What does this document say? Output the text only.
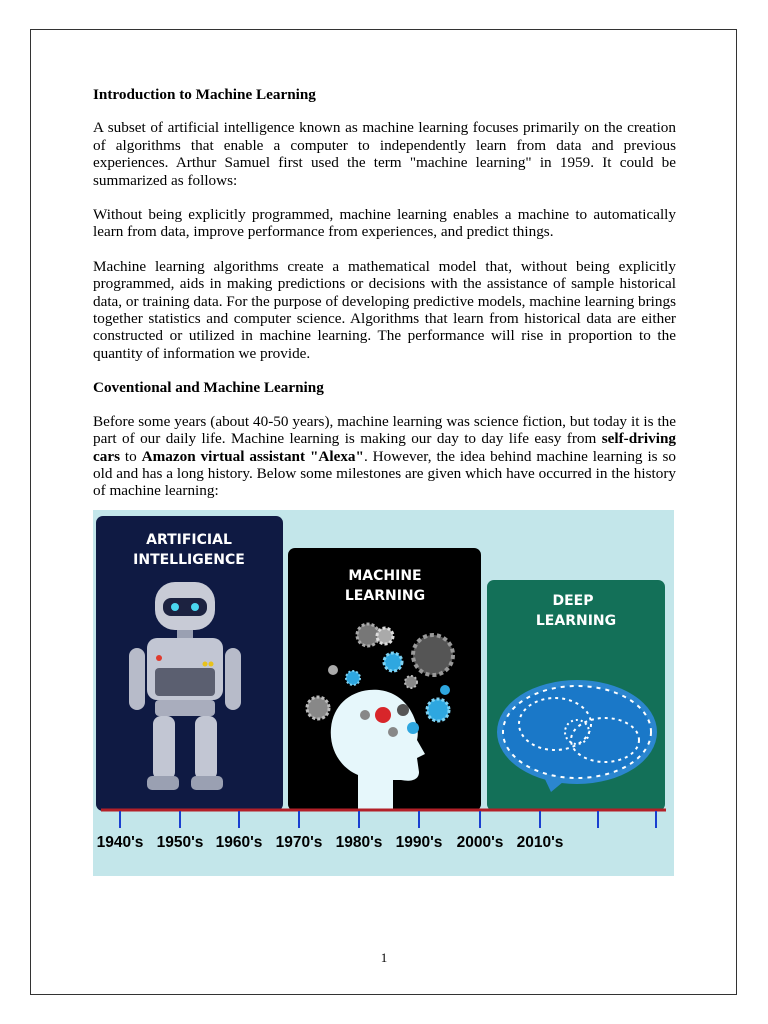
Introduction to Machine Learning

A subset of artificial intelligence known as machine learning focuses primarily on the creation of algorithms that enable a computer to independently learn from data and previous experiences. Arthur Samuel first used the term "machine learning" in 1959. It could be summarized as follows:

Without being explicitly programmed, machine learning enables a machine to automatically learn from data, improve performance from experiences, and predict things.

Machine learning algorithms create a mathematical model that, without being explicitly programmed, aids in making predictions or decisions with the assistance of sample historical data, or training data. For the purpose of developing predictive models, machine learning brings together statistics and computer science. Algorithms that learn from historical data are either constructed or utilized in machine learning. The performance will rise in proportion to the quantity of information we provide.

Coventional and Machine Learning

Before some years (about 40-50 years), machine learning was science fiction, but today it is the part of our daily life. Machine learning is making our day to day life easy from self-driving cars to Amazon virtual assistant "Alexa". However, the idea behind machine learning is so old and has a long history. Below some milestones are given which have occurred in the history of machine learning:

ARTIFICIAL
INTELLIGENCE
MACHINE
LEARNING	DEEP
LEARNING
1940's 1950's 1960's 1970's 1980's 1990's 2000's 2010's
1
